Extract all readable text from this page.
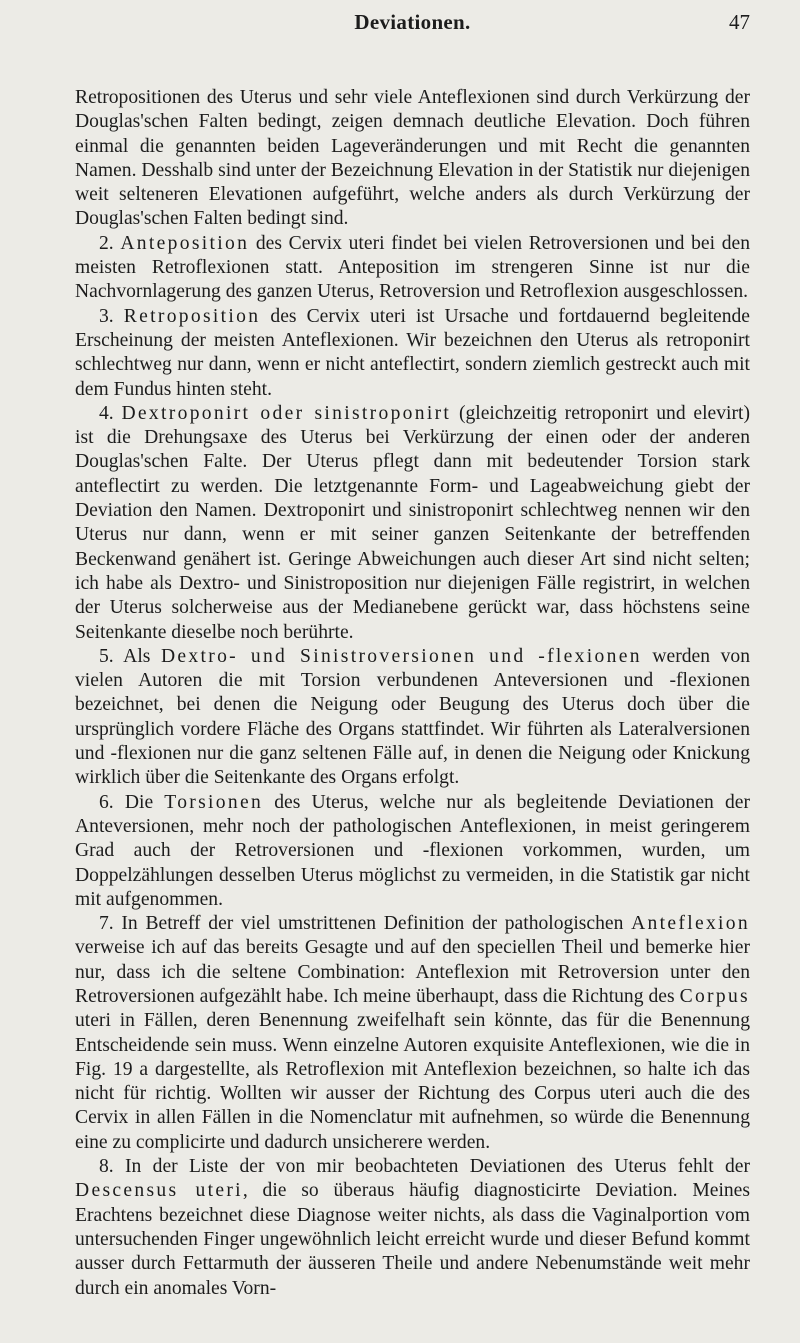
Deviationen.	47

Retropositionen des Uterus und sehr viele Anteflexionen sind durch Verkürzung der Douglas'schen Falten bedingt, zeigen demnach deutliche Elevation. Doch führen einmal die genannten beiden Lageveränderungen und mit Recht die genannten Namen. Desshalb sind unter der Bezeichnung Elevation in der Statistik nur diejenigen weit selteneren Elevationen aufgeführt, welche anders als durch Verkürzung der Douglas'schen Falten bedingt sind.

2. Anteposition des Cervix uteri findet bei vielen Retroversionen und bei den meisten Retroflexionen statt. Anteposition im strengeren Sinne ist nur die Nachvornlagerung des ganzen Uterus, Retroversion und Retroflexion ausgeschlossen.

3. Retroposition des Cervix uteri ist Ursache und fortdauernd begleitende Erscheinung der meisten Anteflexionen. Wir bezeichnen den Uterus als retroponirt schlechtweg nur dann, wenn er nicht anteflectirt, sondern ziemlich gestreckt auch mit dem Fundus hinten steht.

4. Dextroponirt oder sinistroponirt (gleichzeitig retroponirt und elevirt) ist die Drehungsaxe des Uterus bei Verkürzung der einen oder der anderen Douglas'schen Falte. Der Uterus pflegt dann mit bedeutender Torsion stark anteflectirt zu werden. Die letztgenannte Form- und Lageabweichung giebt der Deviation den Namen. Dextroponirt und sinistroponirt schlechtweg nennen wir den Uterus nur dann, wenn er mit seiner ganzen Seitenkante der betreffenden Beckenwand genähert ist. Geringe Abweichungen auch dieser Art sind nicht selten; ich habe als Dextro- und Sinistroposition nur diejenigen Fälle registrirt, in welchen der Uterus solcherweise aus der Medianebene gerückt war, dass höchstens seine Seitenkante dieselbe noch berührte.

5. Als Dextro- und Sinistroversionen und -flexionen werden von vielen Autoren die mit Torsion verbundenen Anteversionen und -flexionen bezeichnet, bei denen die Neigung oder Beugung des Uterus doch über die ursprünglich vordere Fläche des Organs stattfindet. Wir führten als Lateralversionen und -flexionen nur die ganz seltenen Fälle auf, in denen die Neigung oder Knickung wirklich über die Seitenkante des Organs erfolgt.

6. Die Torsionen des Uterus, welche nur als begleitende Deviationen der Anteversionen, mehr noch der pathologischen Anteflexionen, in meist geringerem Grad auch der Retroversionen und -flexionen vorkommen, wurden, um Doppelzählungen desselben Uterus möglichst zu vermeiden, in die Statistik gar nicht mit aufgenommen.

7. In Betreff der viel umstrittenen Definition der pathologischen Anteflexion verweise ich auf das bereits Gesagte und auf den speciellen Theil und bemerke hier nur, dass ich die seltene Combination: Anteflexion mit Retroversion unter den Retroversionen aufgezählt habe. Ich meine überhaupt, dass die Richtung des Corpus uteri in Fällen, deren Benennung zweifelhaft sein könnte, das für die Benennung Entscheidende sein muss. Wenn einzelne Autoren exquisite Anteflexionen, wie die in Fig. 19 a dargestellte, als Retroflexion mit Anteflexion bezeichnen, so halte ich das nicht für richtig. Wollten wir ausser der Richtung des Corpus uteri auch die des Cervix in allen Fällen in die Nomenclatur mit aufnehmen, so würde die Benennung eine zu complicirte und dadurch unsicherere werden.

8. In der Liste der von mir beobachteten Deviationen des Uterus fehlt der Descensus uteri, die so überaus häufig diagnosticirte Deviation. Meines Erachtens bezeichnet diese Diagnose weiter nichts, als dass die Vaginalportion vom untersuchenden Finger ungewöhnlich leicht erreicht wurde und dieser Befund kommt ausser durch Fettarmuth der äusseren Theile und andere Nebenumstände weit mehr durch ein anomales Vorn-
